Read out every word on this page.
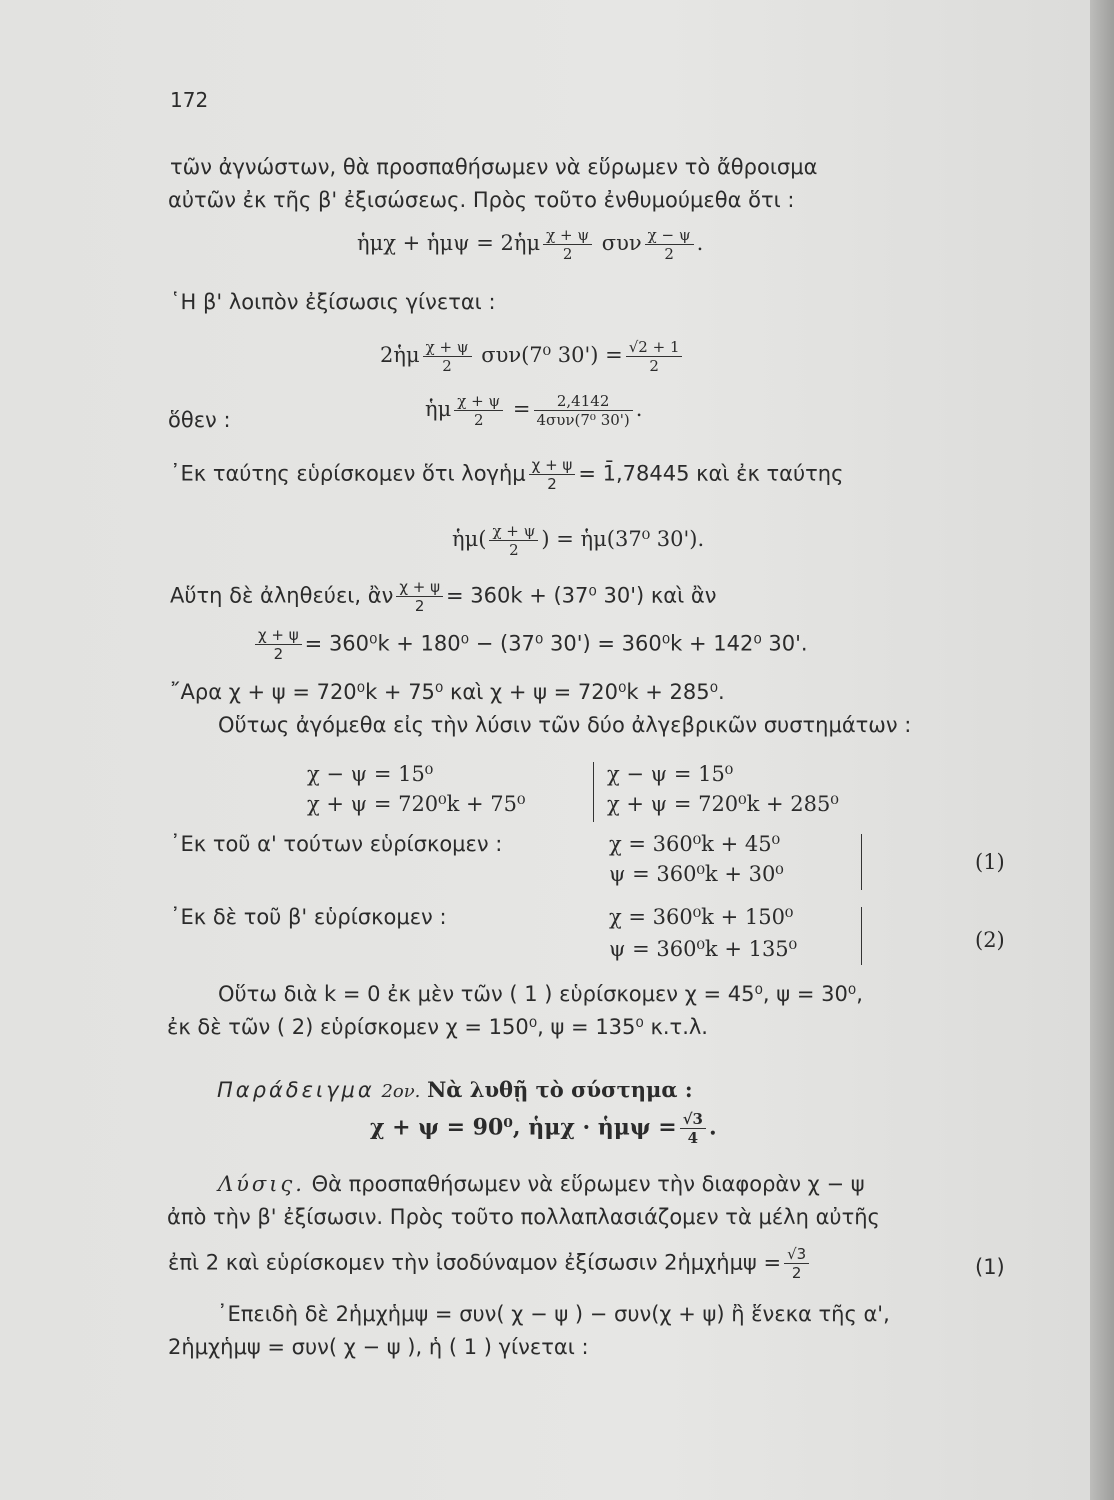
172
τῶν ἀγνώστων, θὰ προσπαθήσωμεν νὰ εὕρωμεν τὸ ἄθροισμα
αὐτῶν ἐκ τῆς β' ἐξισώσεως. Πρὸς τοῦτο ἐνθυμούμεθα ὅτι :
ἡμχ + ἡμψ = 2ἡμ $\frac{\chi + \psi}{2}$ συν $\frac{\chi - \psi}{2}$ .
῾Η β' λοιπὸν ἐξίσωσις γίνεται :
2ἡμ $\frac{\chi + \psi}{2} \sigma\upsilon\nu(7^0$ $30') = \frac{√2 + 1}{2}$
ὅθεν :	ἡμ $\frac{\chi + \psi}{2} = \frac{2,4142}{\text{4συν(7⁰ 30')}}$ .
᾽Εκ ταύτης εὑρίσκομεν ὅτι λογἡμ $\frac{\chi + \psi}{2}$ = 1̄,78445 καὶ ἐκ ταύτης
ἡμ( $\frac{\chi + \psi}{2}$ ) = ἡμ(37⁰ 30').
Αὕτη δὲ ἀληθεύει, ἂν $\frac{\chi + \psi}{2} = 360k + (37^0$ 30') καὶ ἂν
$\frac{\chi + \psi}{2} = 360^0k + 180^0 - (37^0$ 30') = 360⁰k + 142⁰ 30'.
῎Αρα χ + ψ = 720⁰k + 75⁰ καὶ χ + ψ = 720⁰k + 285⁰.
Οὕτως ἀγόμεθα εἰς τὴν λύσιν τῶν δύο ἀλγεβρικῶν συστημάτων :
χ − ψ = 15⁰
χ + ψ = 720⁰k + 75⁰
χ − ψ = 15⁰
χ + ψ = 720⁰k + 285⁰
᾽Εκ τοῦ α' τούτων εὑρίσκομεν :	χ = 360⁰k + 45⁰
ψ = 360⁰k + 30⁰	(1)
᾽Εκ δὲ τοῦ β' εὑρίσκομεν :	χ = 360⁰k + 150⁰
ψ = 360⁰k + 135⁰	(2)
Οὕτω διὰ k = 0 ἐκ μὲν τῶν ( 1 ) εὑρίσκομεν χ = 45⁰, ψ = 30⁰,
ἐκ δὲ τῶν ( 2) εὑρίσκομεν χ = 150⁰, ψ = 135⁰ κ.τ.λ.
Παράδειγμα 2ον. Νὰ λυθῇ τὸ σύστημα :
χ + ψ = 90⁰, ἡμχ · ἡμψ = $\frac{√3}{4}$ .
Λύσις. Θὰ προσπαθήσωμεν νὰ εὕρωμεν τὴν διαφορὰν χ − ψ
ἀπὸ τὴν β' ἐξίσωσιν. Πρὸς τοῦτο πολλαπλασιάζομεν τὰ μέλη αὐτῆς
ἐπὶ 2 καὶ εὑρίσκομεν τὴν ἰσοδύναμον ἐξίσωσιν 2ἡμχἡμψ = $\frac{√3}{2}$	(1)
᾽Επειδὴ δὲ 2ἡμχἡμψ = συν( χ − ψ ) − συν(χ + ψ) ἢ ἕνεκα τῆς α',
2ἡμχἡμψ = συν( χ − ψ ), ἡ ( 1 ) γίνεται :
